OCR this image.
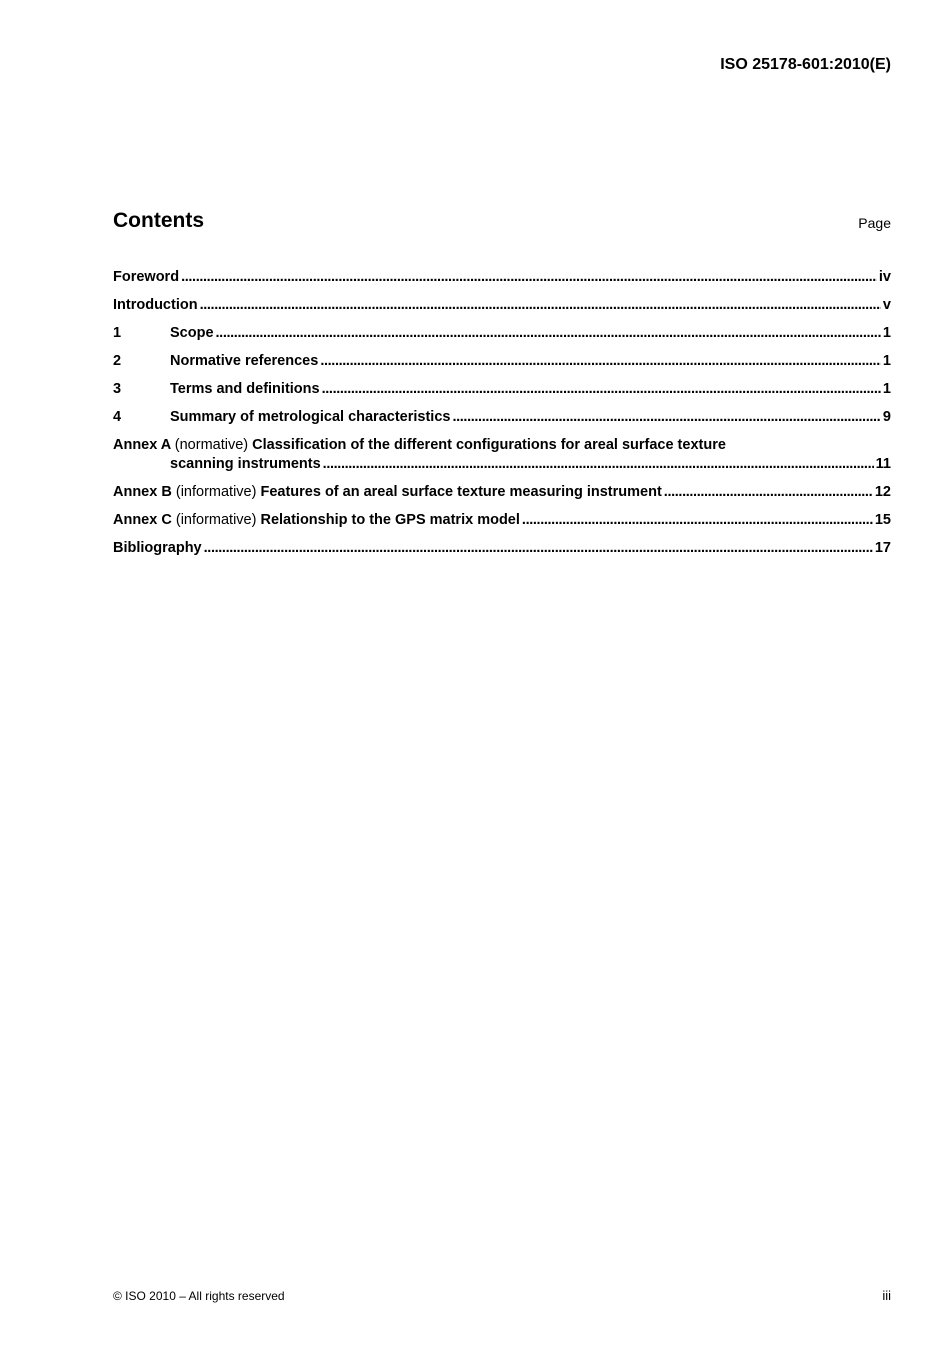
ISO 25178-601:2010(E)
Contents	Page
Foreword . . .	iv
Introduction . . .	v
1	Scope . . .	1
2	Normative references . . .	1
3	Terms and definitions . . .	1
4	Summary of metrological characteristics . . .	9
Annex A (normative) Classification of the different configurations for areal surface texture
scanning instruments . . .	11
Annex B (informative) Features of an areal surface texture measuring instrument . . .	12
Annex C (informative) Relationship to the GPS matrix model . . .	15
Bibliography . . .	17
© ISO 2010 – All rights reserved	iii
